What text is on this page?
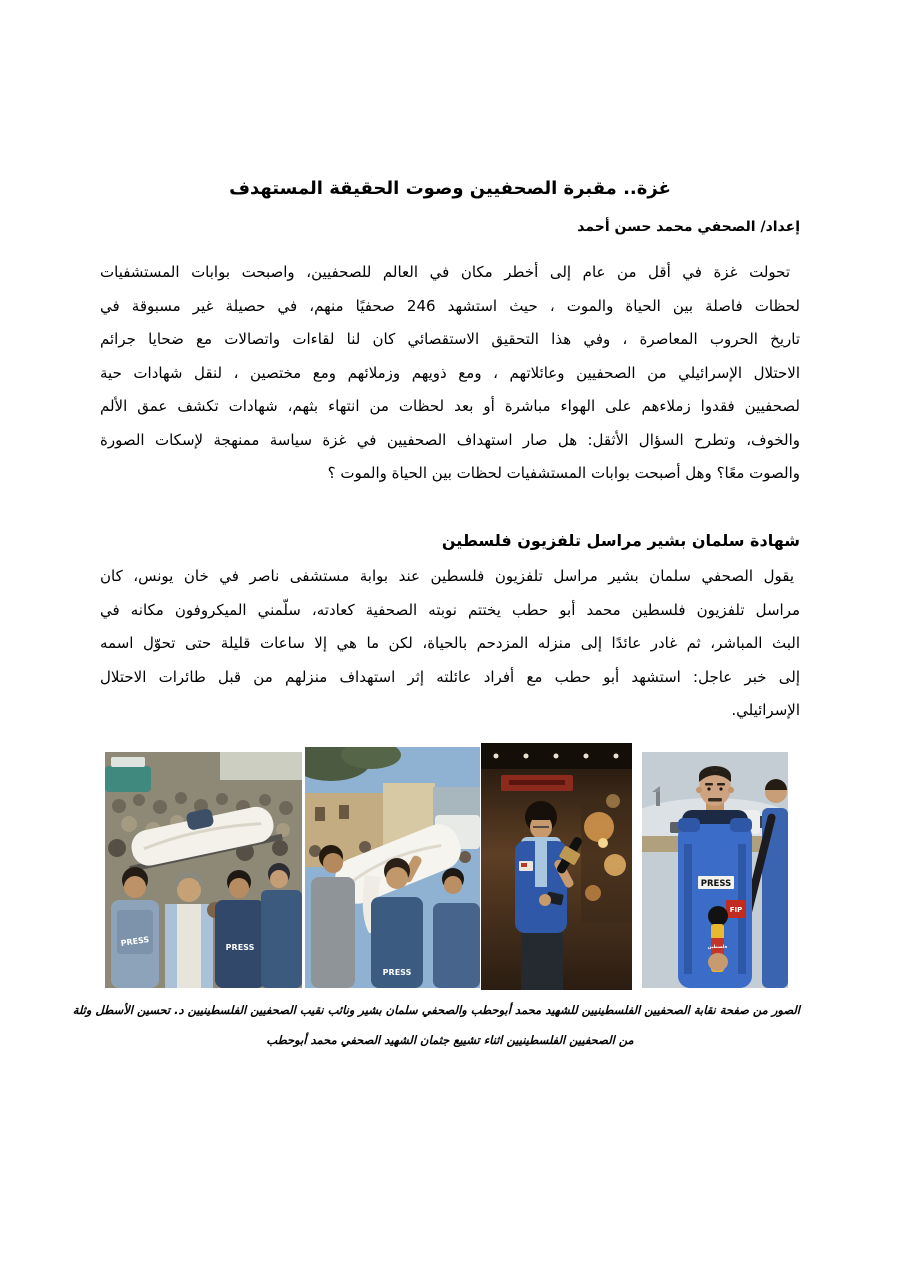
غزة.. مقبرة الصحفيين وصوت الحقيقة المستهدف
إعداد/ الصحفي محمد حسن أحمد
تحولت غزة في أقل من عام إلى أخطر مكان في العالم للصحفيين، واصبحت بوابات المستشفيات
لحظات فاصلة بين الحياة والموت ، حيث استشهد 246 صحفيًا منهم، في حصيلة غير مسبوقة في
تاريخ الحروب المعاصرة ، وفي هذا التحقيق الاستقصائي كان لنا لقاءات واتصالات مع ضحايا جرائم
الاحتلال الإسرائيلي من الصحفيين وعائلاتهم ، ومع ذويهم وزملائهم ومع مختصين ، لنقل شهادات حية
لصحفيين فقدوا زملاءهم على الهواء مباشرة أو بعد لحظات من انتهاء بثهم، شهادات تكشف عمق الألم
والخوف، وتطرح السؤال الأثقل: هل صار استهداف الصحفيين في غزة سياسة ممنهجة لإسكات الصورة
والصوت معًا؟ وهل أصبحت بوابات المستشفيات لحظات بين الحياة والموت ؟
شهادة سلمان بشير مراسل تلفزيون فلسطين
يقول الصحفي سلمان بشير مراسل تلفزيون فلسطين عند بوابة مستشفى ناصر في خان يونس، كان
مراسل تلفزيون فلسطين محمد أبو حطب يختتم نوبته الصحفية كعادته، سلّمني الميكروفون مكانه في
البث المباشر، ثم غادر عائدًا إلى منزله المزدحم بالحياة، لكن ما هي إلا ساعات قليلة حتى تحوّل اسمه
إلى خبر عاجل: استشهد أبو حطب مع أفراد عائلته إثر استهداف منزلهم من قبل طائرات الاحتلال
الإسرائيلي.
PRESS	PRESS
PRESS
PRESS
FIP
فلسطين
الصور من صفحة نقابة الصحفيين الفلسطينيين للشهيد محمد أبوحطب والصحفي سلمان بشير ونائب نقيب الصحفيين الفلسطينيين د. تحسين الأسطل وثلة
من الصحفيين الفلسطينيين اثناء تشييع جثمان الشهيد الصحفي محمد أبوحطب
